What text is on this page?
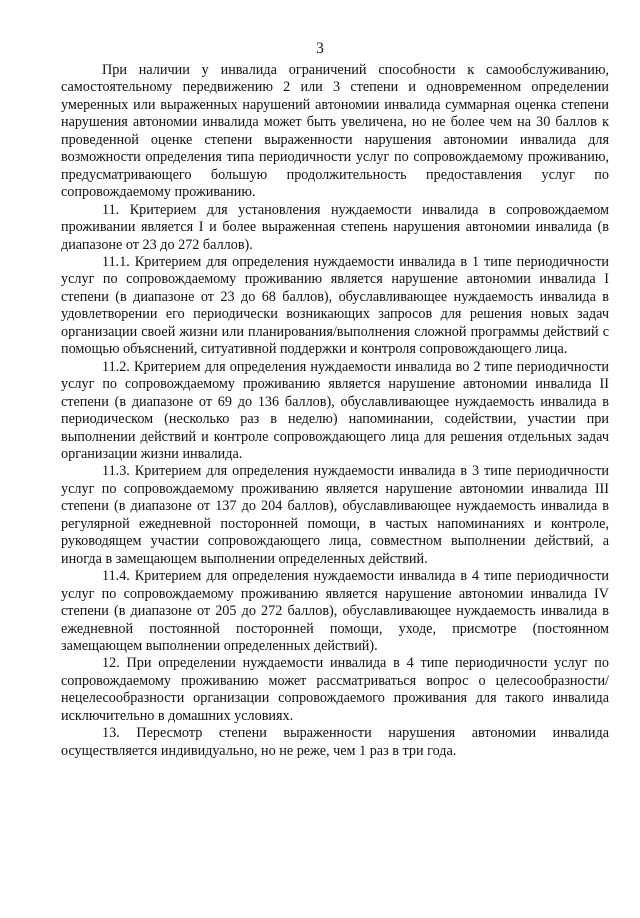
3

При наличии у инвалида ограничений способности к самообслуживанию, самостоятельному передвижению 2 или 3 степени и одновременном определении умеренных или выраженных нарушений автономии инвалида суммарная оценка степени нарушения автономии инвалида может быть увеличена, но не более чем на 30 баллов к проведенной оценке степени выраженности нарушения автономии инвалида для возможности определения типа периодичности услуг по сопровождаемому проживанию, предусматривающего большую продолжительность предоставления услуг по сопровождаемому проживанию.

11. Критерием для установления нуждаемости инвалида в сопровождаемом проживании является I и более выраженная степень нарушения автономии инвалида (в диапазоне от 23 до 272 баллов).

11.1. Критерием для определения нуждаемости инвалида в 1 типе периодичности услуг по сопровождаемому проживанию является нарушение автономии инвалида I степени (в диапазоне от 23 до 68 баллов), обуславливающее нуждаемость инвалида в удовлетворении его периодически возникающих запросов для решения новых задач организации своей жизни или планирования/выполнения сложной программы действий с помощью объяснений, ситуативной поддержки и контроля сопровождающего лица.

11.2. Критерием для определения нуждаемости инвалида во 2 типе периодичности услуг по сопровождаемому проживанию является нарушение автономии инвалида II степени (в диапазоне от 69 до 136 баллов), обуславливающее нуждаемость инвалида в периодическом (несколько раз в неделю) напоминании, содействии, участии при выполнении действий и контроле сопровождающего лица для решения отдельных задач организации жизни инвалида.

11.3. Критерием для определения нуждаемости инвалида в 3 типе периодичности услуг по сопровождаемому проживанию является нарушение автономии инвалида III степени (в диапазоне от 137 до 204 баллов), обуславливающее нуждаемость инвалида в регулярной ежедневной посторонней помощи, в частых напоминаниях и контроле, руководящем участии сопровождающего лица, совместном выполнении действий, а иногда в замещающем выполнении определенных действий.

11.4. Критерием для определения нуждаемости инвалида в 4 типе периодичности услуг по сопровождаемому проживанию является нарушение автономии инвалида IV степени (в диапазоне от 205 до 272 баллов), обуславливающее нуждаемость инвалида в ежедневной постоянной посторонней помощи, уходе, присмотре (постоянном замещающем выполнении определенных действий).

12. При определении нуждаемости инвалида в 4 типе периодичности услуг по сопровождаемому проживанию может рассматриваться вопрос о целесообразности/нецелесообразности организации сопровождаемого проживания для такого инвалида исключительно в домашних условиях.

13. Пересмотр степени выраженности нарушения автономии инвалида осуществляется индивидуально, но не реже, чем 1 раз в три года.
